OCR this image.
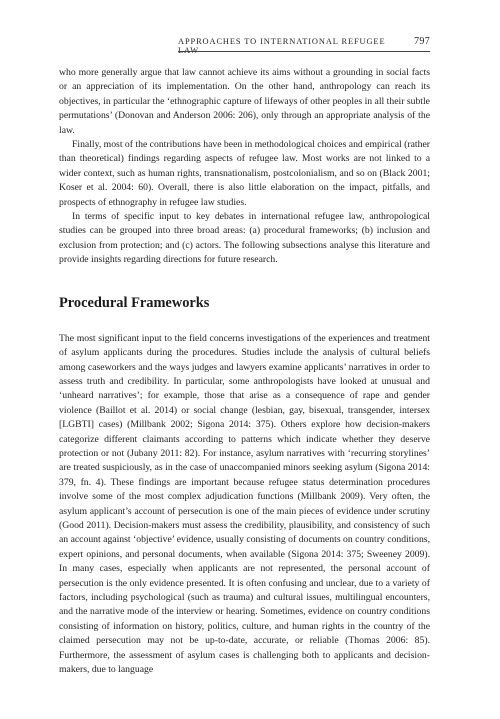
APPROACHES TO INTERNATIONAL REFUGEE LAW
797

who more generally argue that law cannot achieve its aims without a grounding in social facts or an appreciation of its implementation. On the other hand, anthropology can reach its objectives, in particular the ‘ethnographic capture of lifeways of other peoples in all their subtle permutations’ (Donovan and Anderson 2006: 206), only through an appropriate analysis of the law.

Finally, most of the contributions have been in methodological choices and empirical (rather than theoretical) findings regarding aspects of refugee law. Most works are not linked to a wider context, such as human rights, transnationalism, postcolonialism, and so on (Black 2001; Koser et al. 2004: 60). Overall, there is also little elaboration on the impact, pitfalls, and prospects of ethnography in refugee law studies.

In terms of specific input to key debates in international refugee law, anthropological studies can be grouped into three broad areas: (a) procedural frameworks; (b) inclusion and exclusion from protection; and (c) actors. The following subsections analyse this literature and provide insights regarding directions for future research.

Procedural Frameworks

The most significant input to the field concerns investigations of the experiences and treatment of asylum applicants during the procedures. Studies include the analysis of cultural beliefs among caseworkers and the ways judges and lawyers examine applicants’ narratives in order to assess truth and credibility. In particular, some anthropologists have looked at unusual and ‘unheard narratives’; for example, those that arise as a consequence of rape and gender violence (Baillot et al. 2014) or social change (lesbian, gay, bisexual, transgender, intersex [LGBTI] cases) (Millbank 2002; Sigona 2014: 375). Others explore how decision-makers categorize different claimants according to patterns which indicate whether they deserve protection or not (Jubany 2011: 82). For instance, asylum narratives with ‘recurring storylines’ are treated suspiciously, as in the case of unaccompanied minors seeking asylum (Sigona 2014: 379, fn. 4). These findings are important because refugee status determination procedures involve some of the most complex adjudication functions (Millbank 2009). Very often, the asylum applicant’s account of persecution is one of the main pieces of evidence under scrutiny (Good 2011). Decision-makers must assess the credibility, plausibility, and consistency of such an account against ‘objective’ evidence, usually consisting of documents on country conditions, expert opinions, and personal documents, when available (Sigona 2014: 375; Sweeney 2009). In many cases, especially when applicants are not represented, the personal account of persecution is the only evidence presented. It is often confusing and unclear, due to a variety of factors, including psychological (such as trauma) and cultural issues, multilingual encounters, and the narrative mode of the interview or hearing. Sometimes, evidence on country conditions consisting of information on history, politics, culture, and human rights in the country of the claimed persecution may not be up-to-date, accurate, or reliable (Thomas 2006: 85). Furthermore, the assessment of asylum cases is challenging both to applicants and decision-makers, due to language
